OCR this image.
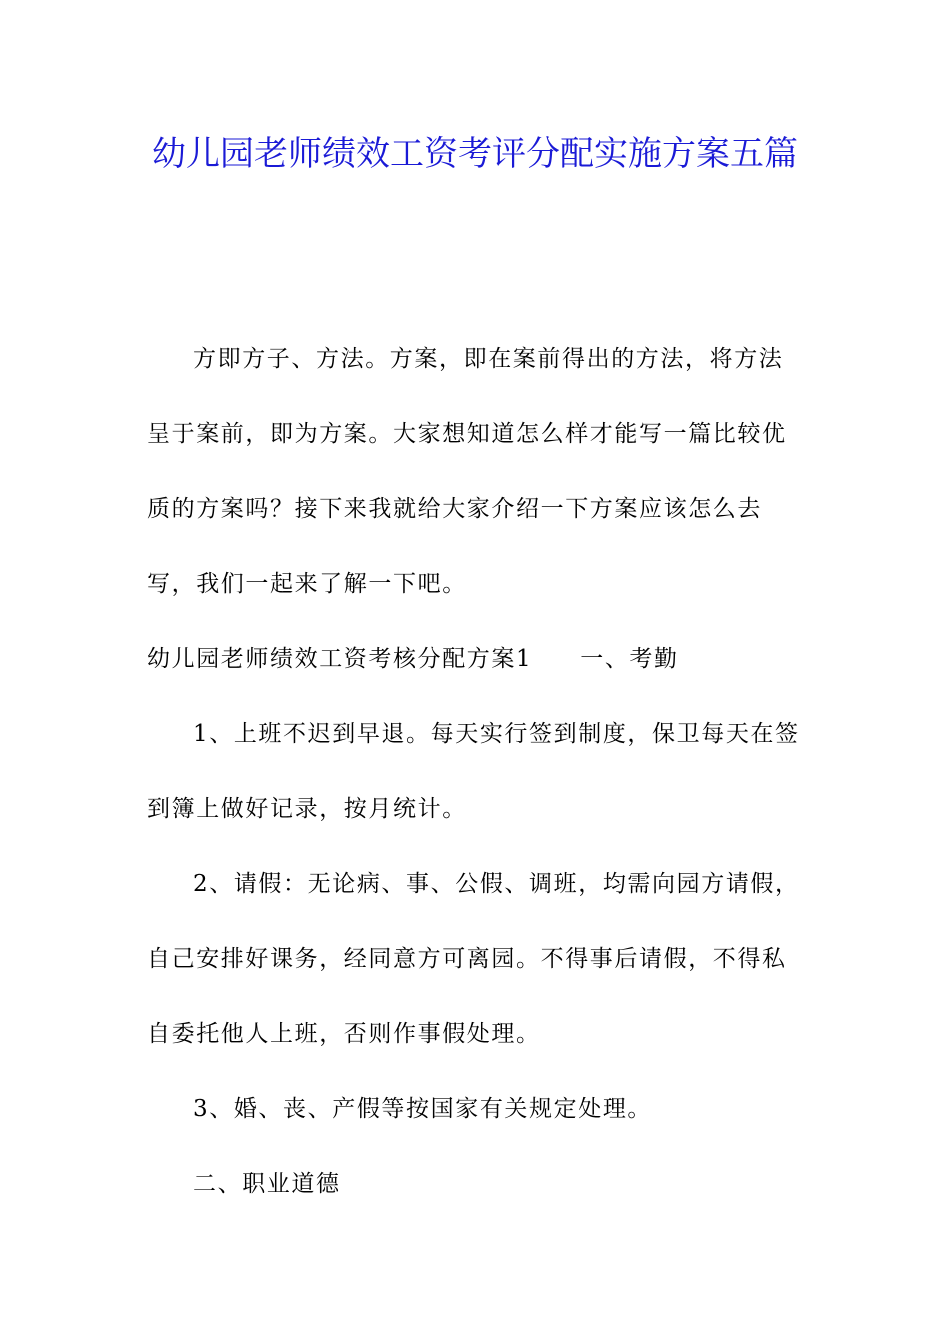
幼儿园老师绩效工资考评分配实施方案五篇

方即方子、方法。方案，即在案前得出的方法，将方法呈于案前，即为方案。大家想知道怎么样才能写一篇比较优质的方案吗？接下来我就给大家介绍一下方案应该怎么去写，我们一起来了解一下吧。

幼儿园老师绩效工资考核分配方案1 一、考勤

1、上班不迟到早退。每天实行签到制度，保卫每天在签到簿上做好记录，按月统计。

2、请假：无论病、事、公假、调班，均需向园方请假，自己安排好课务，经同意方可离园。不得事后请假，不得私自委托他人上班，否则作事假处理。

3、婚、丧、产假等按国家有关规定处理。

二、职业道德
